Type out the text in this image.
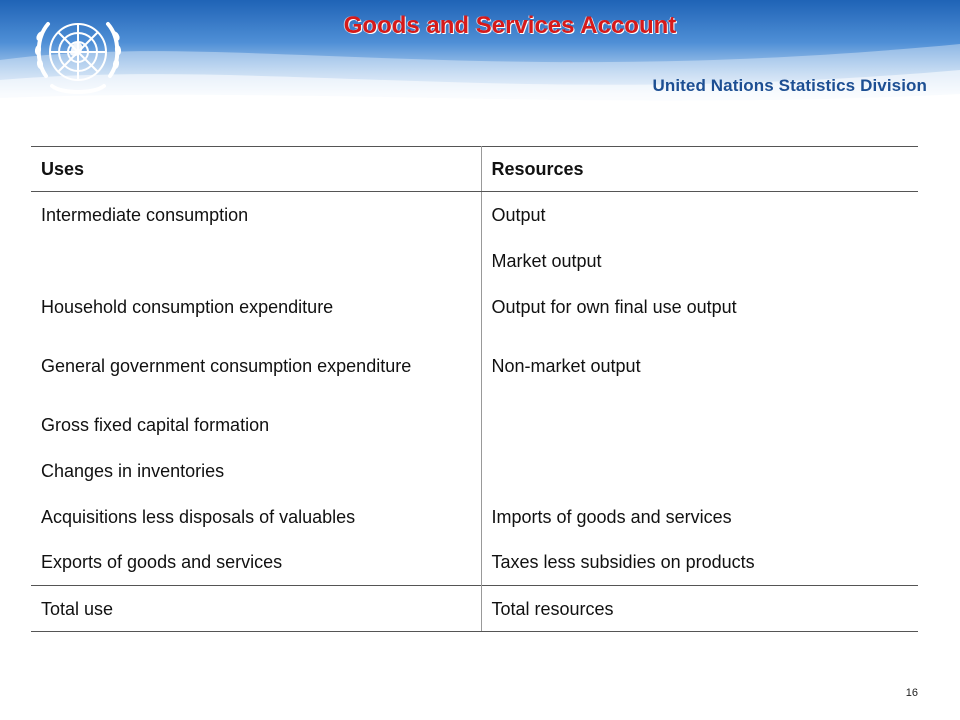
Goods and Services Account
United Nations Statistics Division
Uses	Resources
Intermediate consumption	Output
	Market output
Household consumption expenditure	Output for own final use output
General government consumption expenditure	Non-market output
Gross fixed capital formation	
Changes in inventories	
Acquisitions less disposals of valuables	Imports of goods and services
Exports of goods and services	Taxes less subsidies on products
Total use	Total resources
16
